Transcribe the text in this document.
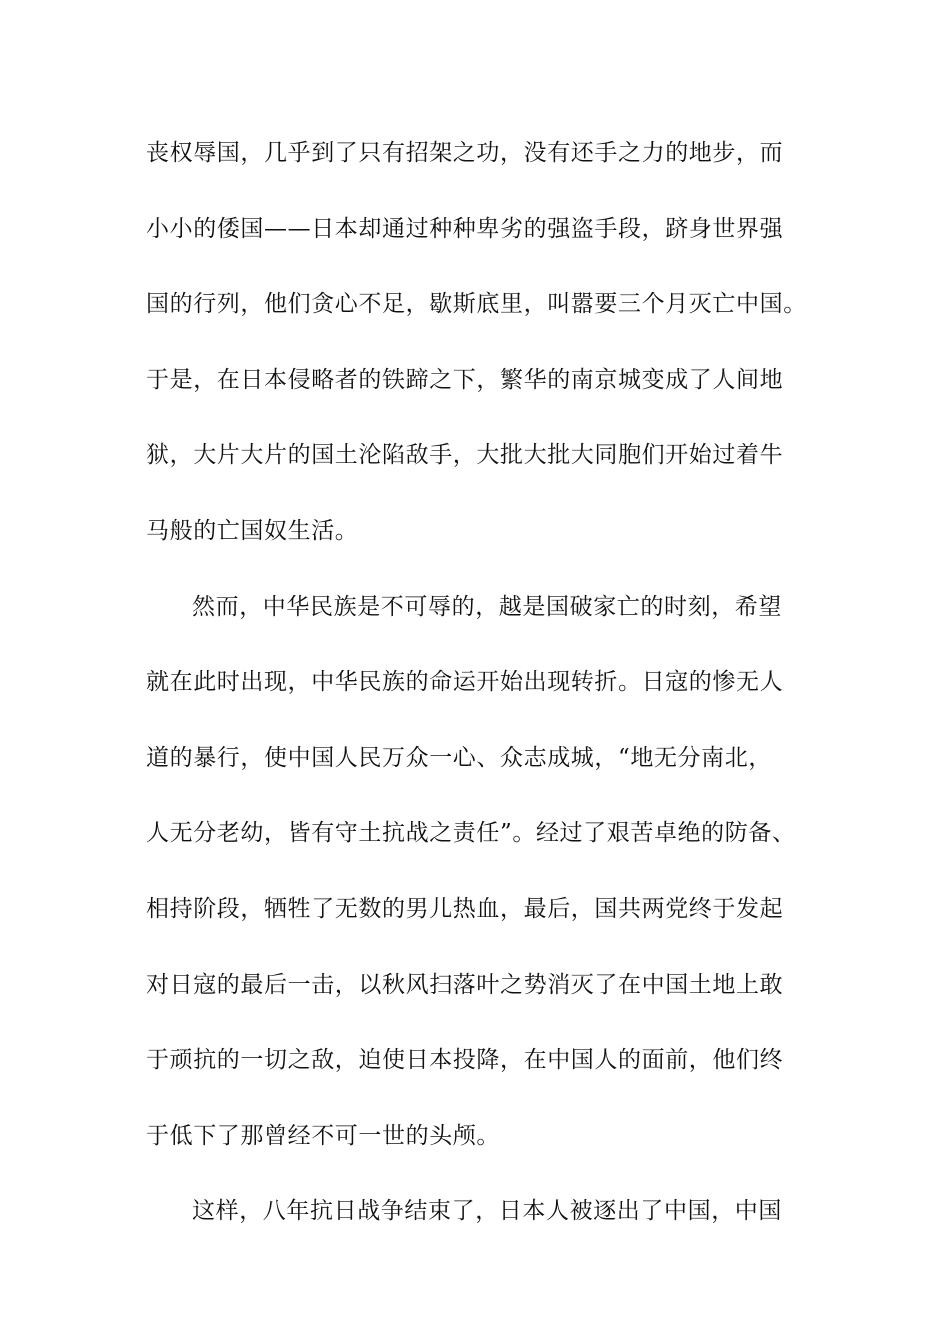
丧权辱国，几乎到了只有招架之功，没有还手之力的地步，而
小小的倭国——日本却通过种种卑劣的强盗手段，跻身世界强
国的行列，他们贪心不足，歇斯底里，叫嚣要三个月灭亡中国。
于是，在日本侵略者的铁蹄之下，繁华的南京城变成了人间地
狱，大片大片的国土沦陷敌手，大批大批大同胞们开始过着牛
马般的亡国奴生活。
然而，中华民族是不可辱的，越是国破家亡的时刻，希望
就在此时出现，中华民族的命运开始出现转折。日寇的惨无人
道的暴行，使中国人民万众一心、众志成城，“地无分南北，
人无分老幼，皆有守土抗战之责任”。经过了艰苦卓绝的防备、
相持阶段，牺牲了无数的男儿热血，最后，国共两党终于发起
对日寇的最后一击，以秋风扫落叶之势消灭了在中国土地上敢
于顽抗的一切之敌，迫使日本投降，在中国人的面前，他们终
于低下了那曾经不可一世的头颅。
这样，八年抗日战争结束了，日本人被逐出了中国，中国
